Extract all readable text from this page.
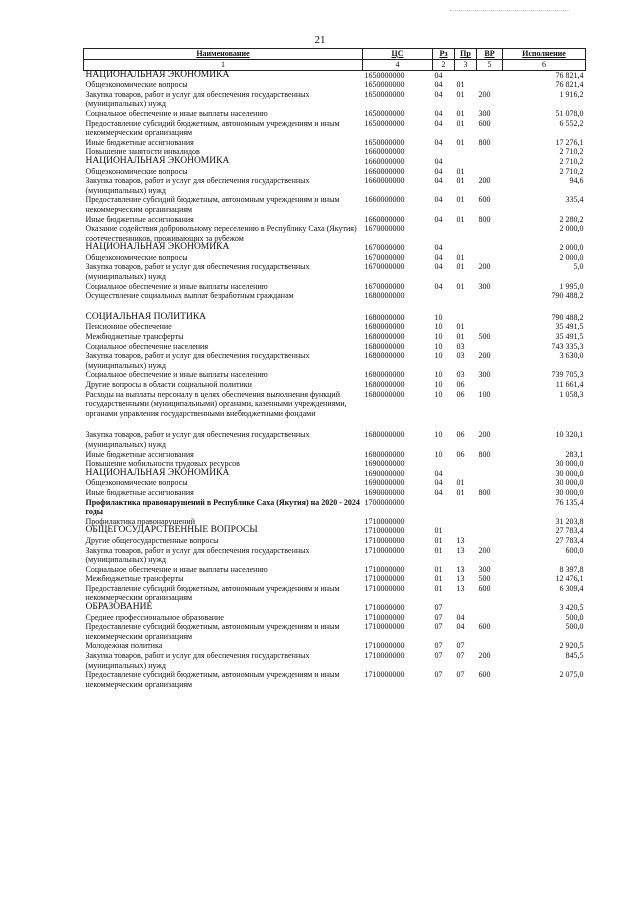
21
Наименование	ЦС	Рз	Пр	ВР	Исполнение
1	4	2	3	5	6
НАЦИОНАЛЬНАЯ ЭКОНОМИКА	1650000000	04			76 821,4
Общеэкономические вопросы	1650000000	04	01		76 821,4
Закупка товаров, работ и услуг для обеспечения государственных (муниципальных) нужд	1650000000	04	01	200	1 916,2
Социальное обеспечение и иные выплаты населению	1650000000	04	01	300	51 078,0
Предоставление субсидий бюджетным, автономным учреждениям и иным некоммерческим организациям	1650000000	04	01	600	6 552,2
Иные бюджетные ассигнования	1650000000	04	01	800	17 276,1
Повышение занятости инвалидов	1660000000				2 710,2
НАЦИОНАЛЬНАЯ ЭКОНОМИКА	1660000000	04			2 710,2
Общеэкономические вопросы	1660000000	04	01		2 710,2
Закупка товаров, работ и услуг для обеспечения государственных (муниципальных) нужд	1660000000	04	01	200	94,6
Предоставление субсидий бюджетным, автономным учреждениям и иным некоммерческим организациям	1660000000	04	01	600	335,4
Иные бюджетные ассигнования	1660000000	04	01	800	2 280,2
Оказание содействия добровольному переселению в Республику Саха (Якутия) соотечественников, проживающих за рубежом	1670000000				2 000,0
НАЦИОНАЛЬНАЯ ЭКОНОМИКА	1670000000	04			2 000,0
Общеэкономические вопросы	1670000000	04	01		2 000,0
Закупка товаров, работ и услуг для обеспечения государственных (муниципальных) нужд	1670000000	04	01	200	5,0
Социальное обеспечение и иные выплаты населению	1670000000	04	01	300	1 995,0
Осуществление социальных выплат безработным гражданам	1680000000				790 488,2

СОЦИАЛЬНАЯ ПОЛИТИКА	1680000000	10			790 488,2
Пенсионное обеспечение	1680000000	10	01		35 491,5
Межбюджетные трансферты	1680000000	10	01	500	35 491,5
Социальное обеспечение населения	1680000000	10	03		743 335,3
Закупка товаров, работ и услуг для обеспечения государственных (муниципальных) нужд	1680000000	10	03	200	3 630,0
Социальное обеспечение и иные выплаты населению	1680000000	10	03	300	739 705,3
Другие вопросы в области социальной политики	1680000000	10	06		11 661,4
Расходы на выплаты персоналу в целях обеспечения выполнения функций государственными (муниципальными) органами, казенными учреждениями, органами управления государственными внебюджетными фондами	1680000000	10	06	100	1 058,3

Закупка товаров, работ и услуг для обеспечения государственных (муниципальных) нужд	1680000000	10	06	200	10 320,1
Иные бюджетные ассигнования	1680000000	10	06	800	283,1
Повышение мобильности трудовых ресурсов	1690000000				30 000,0
НАЦИОНАЛЬНАЯ ЭКОНОМИКА	1690000000	04			30 000,0
Общеэкономические вопросы	1690000000	04	01		30 000,0
Иные бюджетные ассигнования	1690000000	04	01	800	30 000,0
Профилактика правонарушений в Республике Саха (Якутия) на 2020 - 2024 годы	1700000000				76 135,4
Профилактика правонарушений	1710000000				31 203,8
ОБЩЕГОСУДАРСТВЕННЫЕ ВОПРОСЫ	1710000000	01			27 783,4
Другие общегосударственные вопросы	1710000000	01	13		27 783,4
Закупка товаров, работ и услуг для обеспечения государственных (муниципальных) нужд	1710000000	01	13	200	600,0
Социальное обеспечение и иные выплаты населению	1710000000	01	13	300	8 397,8
Межбюджетные трансферты	1710000000	01	13	500	12 476,1
Предоставление субсидий бюджетным, автономным учреждениям и иным некоммерческим организациям	1710000000	01	13	600	6 309,4
ОБРАЗОВАНИЕ	1710000000	07			3 420,5
Среднее профессиональное образование	1710000000	07	04		500,0
Предоставление субсидий бюджетным, автономным учреждениям и иным некоммерческим организациям	1710000000	07	04	600	500,0
Молодежная политика	1710000000	07	07		2 920,5
Закупка товаров, работ и услуг для обеспечения государственных (муниципальных) нужд	1710000000	07	07	200	845,5
Предоставление субсидий бюджетным, автономным учреждениям и иным некоммерческим организациям	1710000000	07	07	600	2 075,0
